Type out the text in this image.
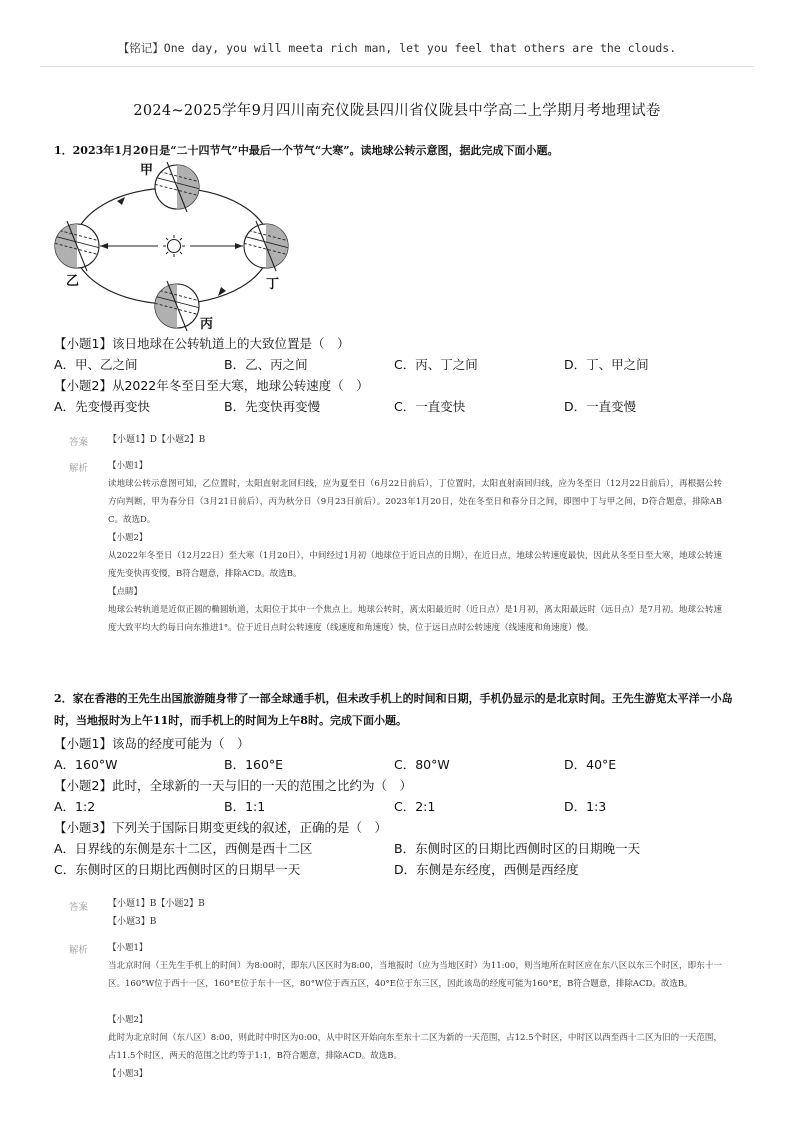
【铭记】One day, you will meeta rich man, let you feel that others are the clouds.
2024~2025学年9月四川南充仪陇县四川省仪陇县中学高二上学期月考地理试卷
1．2023年1月20日是“二十四节气”中最后一个节气“大寒”。读地球公转示意图，据此完成下面小题。
甲
乙
丙
丁
【小题1】该日地球在公转轨道上的大致位置是（　）
A．甲、乙之间	B．乙、丙之间	C．丙、丁之间	D．丁、甲之间
【小题2】从2022年冬至日至大寒，地球公转速度（　）
A．先变慢再变快	B．先变快再变慢	C．一直变快	D．一直变慢
答案 【小题1】D【小题2】B
解析 【小题1】
读地球公转示意图可知，乙位置时，太阳直射北回归线，应为夏至日（6月22日前后），丁位置时，太阳直射南回归线，应为冬至日（12月22日前后），再根据公转方向判断，甲为春分日（3月21日前后），丙为秋分日（9月23日前后）。2023年1月20日，处在冬至日和春分日之间，即图中丁与甲之间，D符合题意，排除ABC。故选D。
【小题2】
从2022年冬至日（12月22日）至大寒（1月20日），中间经过1月初（地球位于近日点的日期），在近日点，地球公转速度最快，因此从冬至日至大寒，地球公转速度先变快再变慢，B符合题意，排除ACD。故选B。
【点睛】
地球公转轨道是近似正圆的椭圆轨道，太阳位于其中一个焦点上。地球公转时，离太阳最近时（近日点）是1月初，离太阳最远时（远日点）是7月初。地球公转速度大致平均大约每日向东推进1°。位于近日点时公转速度（线速度和角速度）快，位于远日点时公转速度（线速度和角速度）慢。
2．家在香港的王先生出国旅游随身带了一部全球通手机，但未改手机上的时间和日期，手机仍显示的是北京时间。王先生游览太平洋一小岛时，当地报时为上午11时，而手机上的时间为上午8时。完成下面小题。
【小题1】该岛的经度可能为（　）
A．160°W	B．160°E	C．80°W	D．40°E
【小题2】此时，全球新的一天与旧的一天的范围之比约为（　）
A．1:2	B．1:1	C．2:1	D．1:3
【小题3】下列关于国际日期变更线的叙述，正确的是（　）
A．日界线的东侧是东十二区，西侧是西十二区	B．东侧时区的日期比西侧时区的日期晚一天
C．东侧时区的日期比西侧时区的日期早一天	D．东侧是东经度，西侧是西经度
答案 【小题1】B【小题2】B
【小题3】B
解析 【小题1】
当北京时间（王先生手机上的时间）为8:00时，即东八区区时为8:00，当地报时（应为当地区时）为11:00，则当地所在时区应在东八区以东三个时区，即东十一区。160°W位于西十一区，160°E位于东十一区，80°W位于西五区，40°E位于东三区，因此该岛的经度可能为160°E，B符合题意，排除ACD。故选B。
【小题2】
此时为北京时间（东八区）8:00，则此时中时区为0:00，从中时区开始向东至东十二区为新的一天范围，占12.5个时区，中时区以西至西十二区为旧的一天范围，占11.5个时区，两天的范围之比约等于1:1，B符合题意，排除ACD。故选B。
【小题3】
